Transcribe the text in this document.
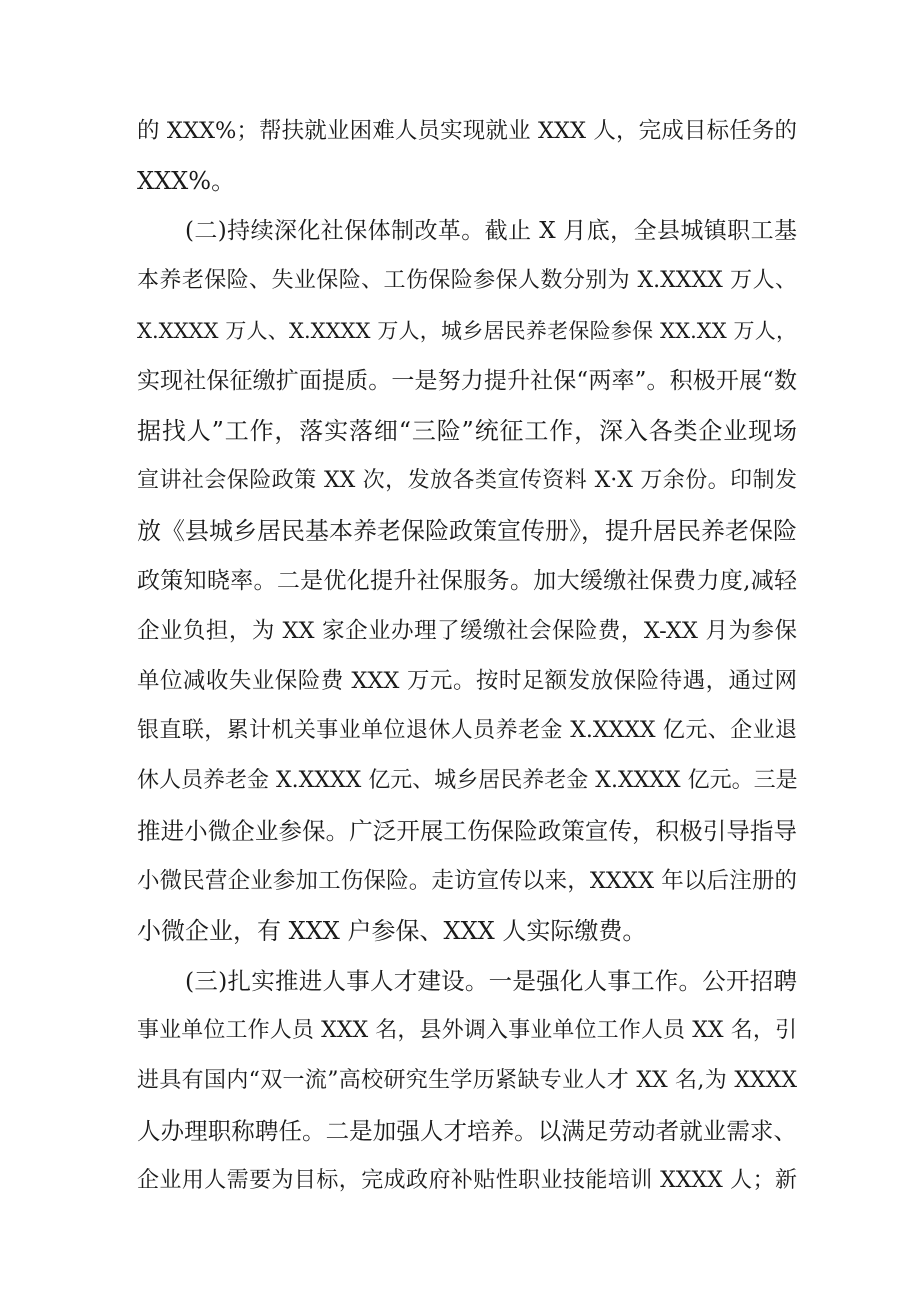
的 XXX%；帮扶就业困难人员实现就业 XXX 人，完成目标任务的
XXX%。
(二)持续深化社保体制改革。截止 X 月底，全县城镇职工基
本养老保险、失业保险、工伤保险参保人数分别为 X.XXXX 万人、
X.XXXX 万人、X.XXXX 万人，城乡居民养老保险参保 XX.XX 万人，
实现社保征缴扩面提质。一是努力提升社保“两率”。积极开展“数
据找人”工作，落实落细“三险”统征工作，深入各类企业现场
宣讲社会保险政策 XX 次，发放各类宣传资料 X·X 万余份。印制发
放《县城乡居民基本养老保险政策宣传册》，提升居民养老保险
政策知晓率。二是优化提升社保服务。加大缓缴社保费力度,减轻
企业负担，为 XX 家企业办理了缓缴社会保险费，X-XX 月为参保
单位减收失业保险费 XXX 万元。按时足额发放保险待遇，通过网
银直联，累计机关事业单位退休人员养老金 X.XXXX 亿元、企业退
休人员养老金 X.XXXX 亿元、城乡居民养老金 X.XXXX 亿元。三是
推进小微企业参保。广泛开展工伤保险政策宣传，积极引导指导
小微民营企业参加工伤保险。走访宣传以来，XXXX 年以后注册的
小微企业，有 XXX 户参保、XXX 人实际缴费。
(三)扎实推进人事人才建设。一是强化人事工作。公开招聘
事业单位工作人员 XXX 名，县外调入事业单位工作人员 XX 名，引
进具有国内“双一流”高校研究生学历紧缺专业人才 XX 名,为 XXXX
人办理职称聘任。二是加强人才培养。以满足劳动者就业需求、
企业用人需要为目标，完成政府补贴性职业技能培训 XXXX 人；新
